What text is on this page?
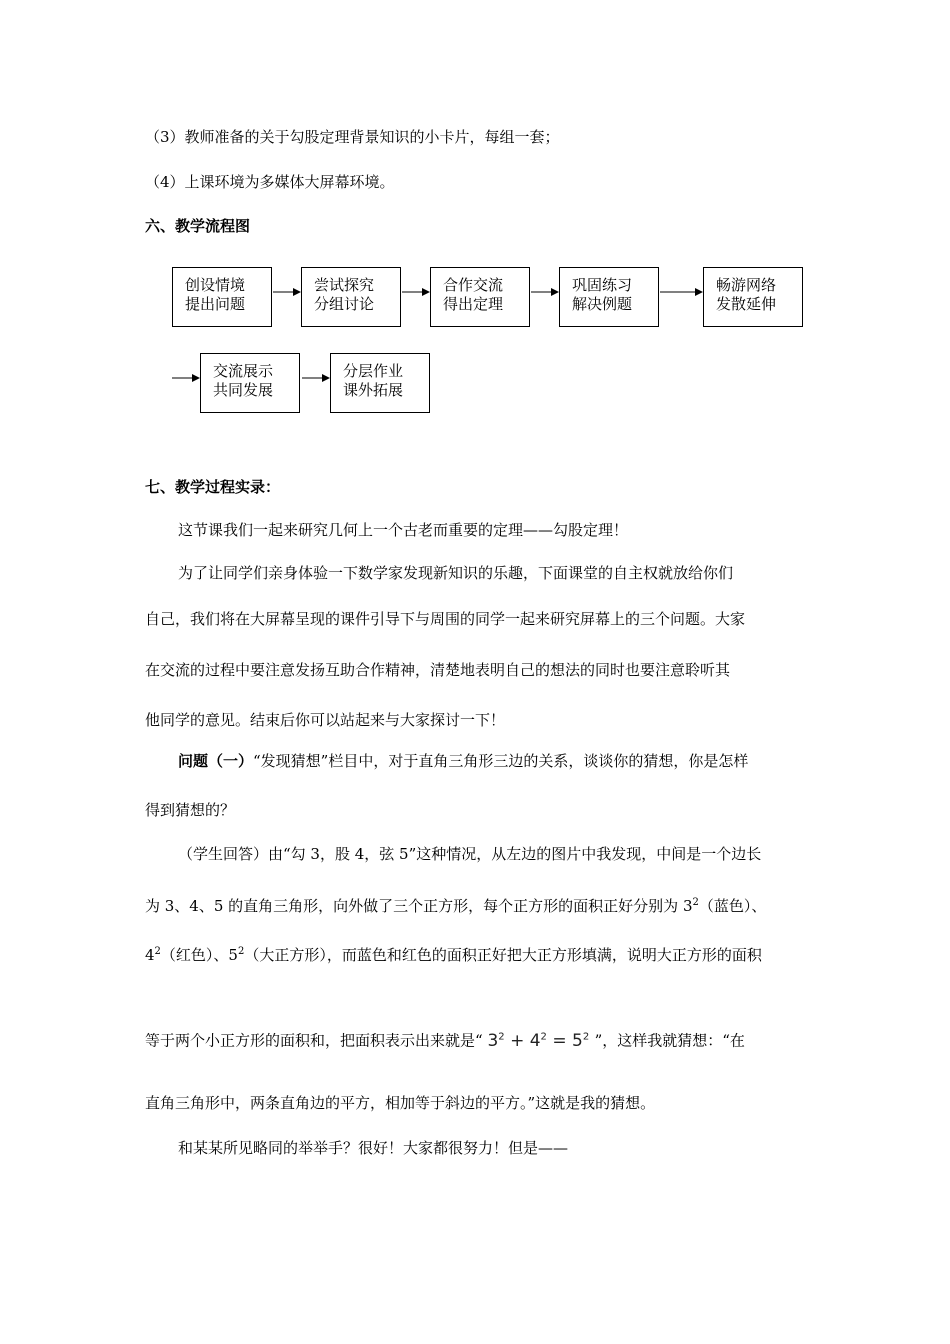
（3）教师准备的关于勾股定理背景知识的小卡片，每组一套；
（4）上课环境为多媒体大屏幕环境。
六、教学流程图
创设情境
提出问题
尝试探究
分组讨论
合作交流
得出定理
巩固练习
解决例题
畅游网络
发散延伸
交流展示
共同发展
分层作业
课外拓展
七、教学过程实录：
这节课我们一起来研究几何上一个古老而重要的定理——勾股定理！
为了让同学们亲身体验一下数学家发现新知识的乐趣，下面课堂的自主权就放给你们
自己，我们将在大屏幕呈现的课件引导下与周围的同学一起来研究屏幕上的三个问题。大家
在交流的过程中要注意发扬互助合作精神，清楚地表明自己的想法的同时也要注意聆听其
他同学的意见。结束后你可以站起来与大家探讨一下！
问题（一）“发现猜想”栏目中，对于直角三角形三边的关系，谈谈你的猜想，你是怎样
得到猜想的？
（学生回答）由“勾 3，股 4，弦 5”这种情况，从左边的图片中我发现，中间是一个边长
为 3、4、5 的直角三角形，向外做了三个正方形，每个正方形的面积正好分别为 $3^2$（蓝色）、
$4^2$（红色）、$5^2$（大正方形），而蓝色和红色的面积正好把大正方形填满，说明大正方形的面积
等于两个小正方形的面积和，把面积表示出来就是“ $3^2 + 4^2 = 5^2$ ”，这样我就猜想：“在
直角三角形中，两条直角边的平方，相加等于斜边的平方。”这就是我的猜想。
和某某所见略同的举举手？很好！大家都很努力！但是——
